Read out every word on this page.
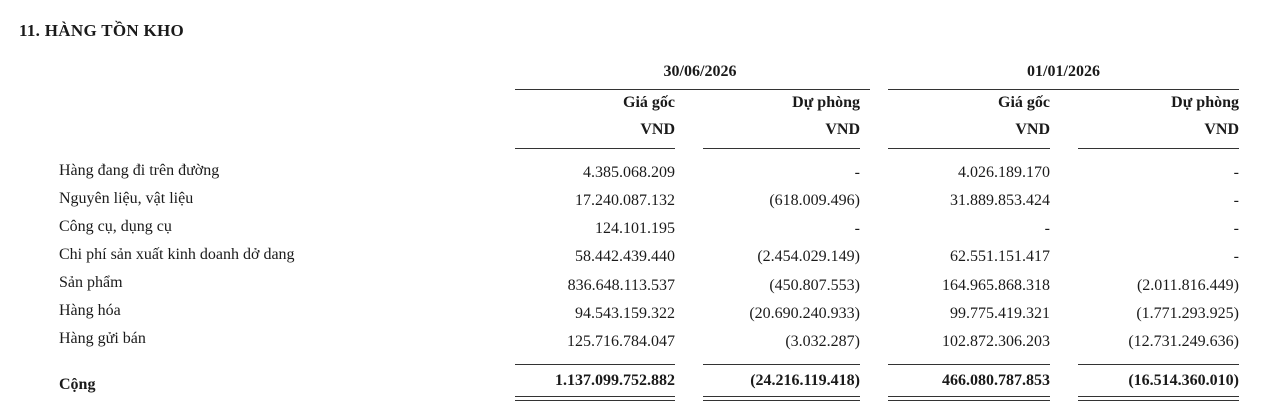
11. HÀNG TỒN KHO
30/06/2026	01/01/2026
Giá gốc	Dự phòng	Giá gốc	Dự phòng
VND	VND	VND	VND
Hàng đang đi trên đường	4.385.068.209	-	4.026.189.170	-
Nguyên liệu, vật liệu	17.240.087.132	(618.009.496)	31.889.853.424	-
Công cụ, dụng cụ	124.101.195	-	-	-
Chi phí sản xuất kinh doanh dở dang	58.442.439.440	(2.454.029.149)	62.551.151.417	-
Sản phẩm	836.648.113.537	(450.807.553)	164.965.868.318	(2.011.816.449)
Hàng hóa	94.543.159.322	(20.690.240.933)	99.775.419.321	(1.771.293.925)
Hàng gửi bán	125.716.784.047	(3.032.287)	102.872.306.203	(12.731.249.636)
Cộng	1.137.099.752.882	(24.216.119.418)	466.080.787.853	(16.514.360.010)
